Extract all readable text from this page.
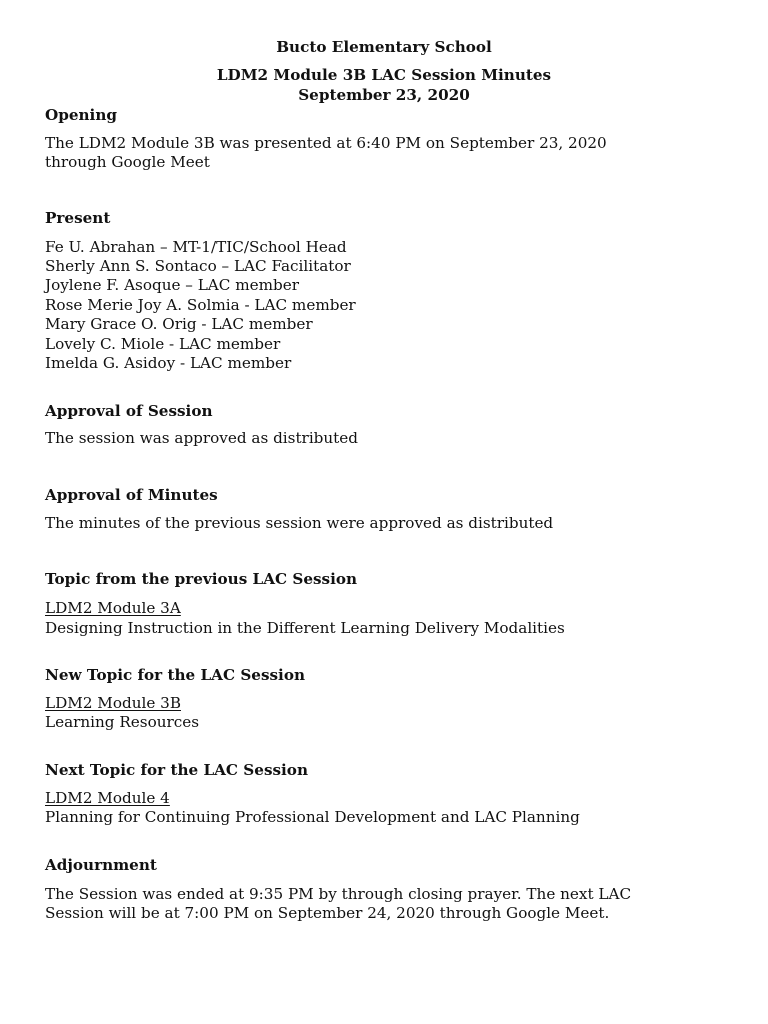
Bucto Elementary School
LDM2 Module 3B LAC Session Minutes
September 23, 2020
Opening
The LDM2 Module 3B was presented at 6:40 PM on September 23, 2020
through Google Meet
Present
Fe U. Abrahan – MT-1/TIC/School Head
Sherly Ann S. Sontaco – LAC Facilitator
Joylene F. Asoque – LAC member
Rose Merie Joy A. Solmia - LAC member
Mary Grace O. Orig - LAC member
Lovely C. Miole - LAC member
Imelda G. Asidoy - LAC member
Approval of Session
The session was approved as distributed
Approval of Minutes
The minutes of the previous session were approved as distributed
Topic from the previous LAC Session
LDM2 Module 3A
Designing Instruction in the Different Learning Delivery Modalities
New Topic for the LAC Session
LDM2 Module 3B
Learning Resources
Next Topic for the LAC Session
LDM2 Module 4
Planning for Continuing Professional Development and LAC Planning
Adjournment
The Session was ended at 9:35 PM by through closing prayer. The next LAC
Session will be at 7:00 PM on September 24, 2020 through Google Meet.
